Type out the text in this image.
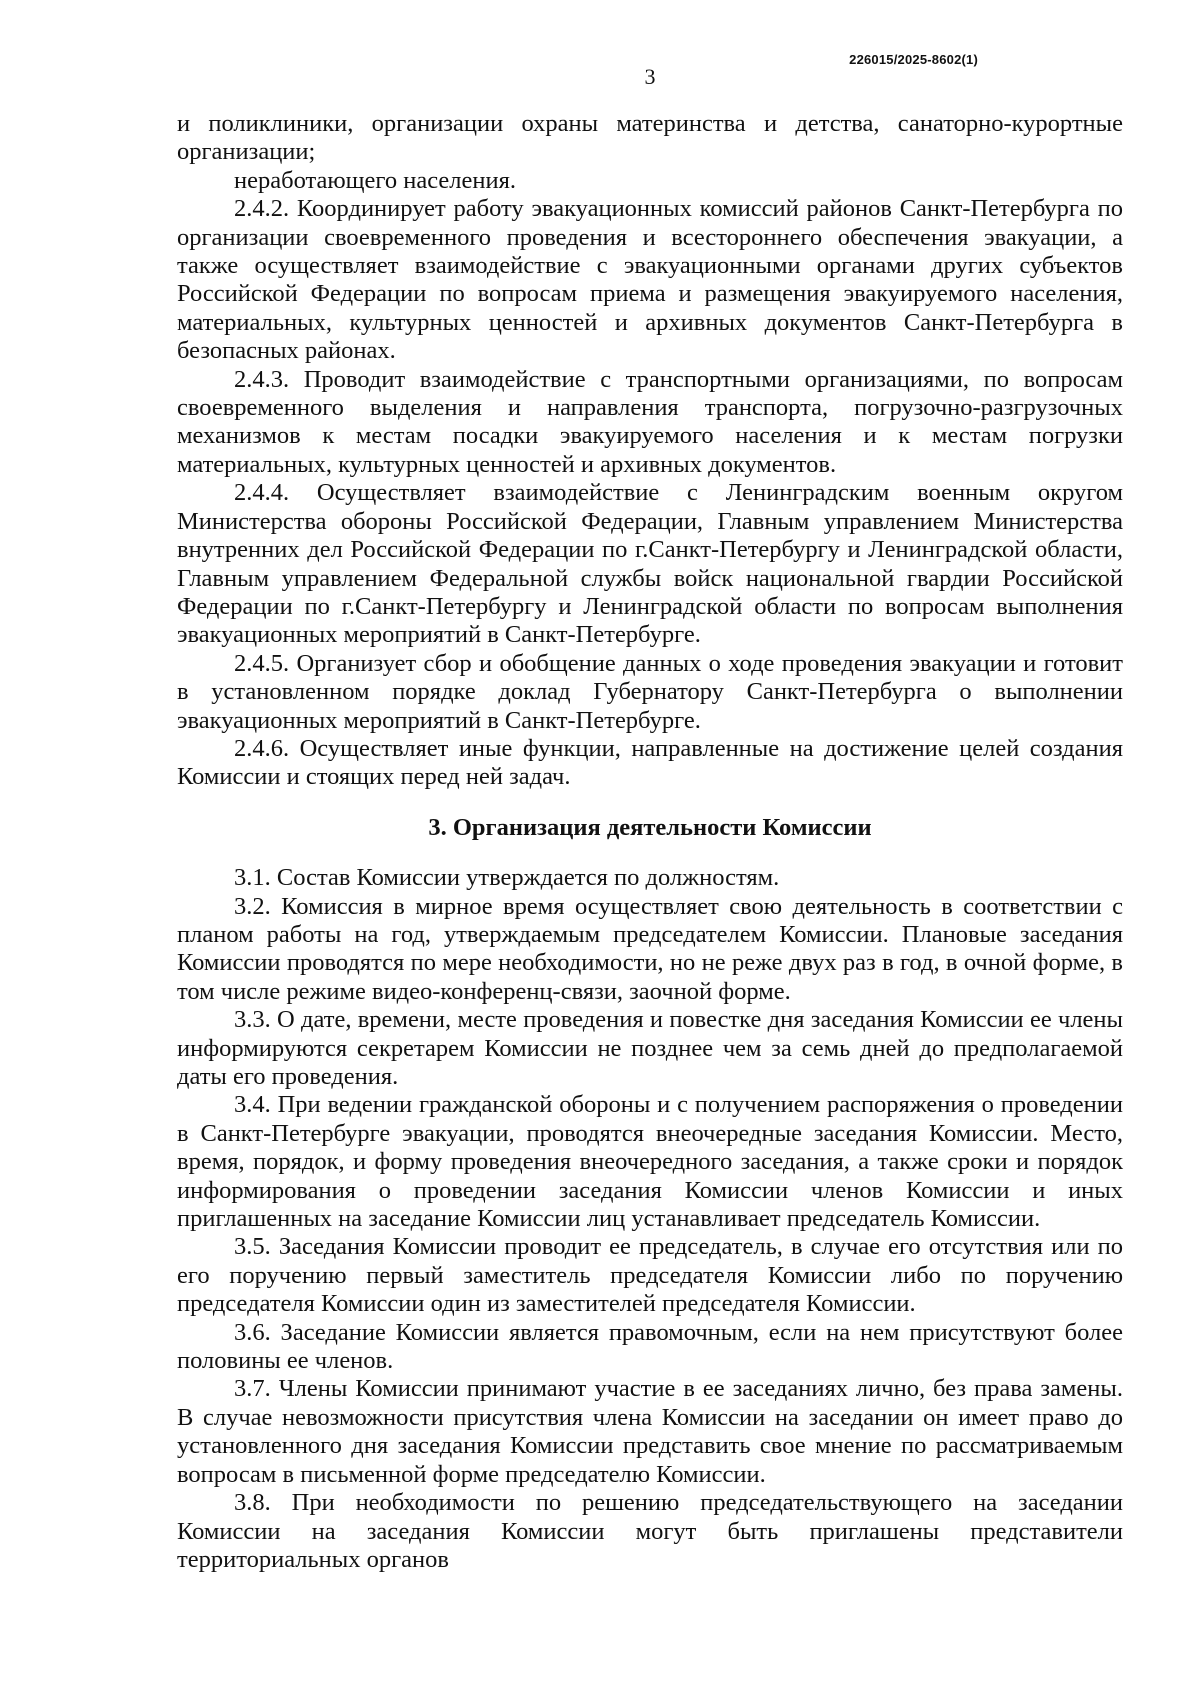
226015/2025-8602(1)
3

и поликлиники, организации охраны материнства и детства, санаторно-курортные организации;

неработающего населения.

2.4.2. Координирует работу эвакуационных комиссий районов Санкт-Петербурга по организации своевременного проведения и всестороннего обеспечения эвакуации, а также осуществляет взаимодействие с эвакуационными органами других субъектов Российской Федерации по вопросам приема и размещения эвакуируемого населения, материальных, культурных ценностей и архивных документов Санкт-Петербурга в безопасных районах.

2.4.3. Проводит взаимодействие с транспортными организациями, по вопросам своевременного выделения и направления транспорта, погрузочно-разгрузочных механизмов к местам посадки эвакуируемого населения и к местам погрузки материальных, культурных ценностей и архивных документов.

2.4.4. Осуществляет взаимодействие с Ленинградским военным округом Министерства обороны Российской Федерации, Главным управлением Министерства внутренних дел Российской Федерации по г.Санкт-Петербургу и Ленинградской области, Главным управлением Федеральной службы войск национальной гвардии Российской Федерации по г.Санкт-Петербургу и Ленинградской области по вопросам выполнения эвакуационных мероприятий в Санкт-Петербурге.

2.4.5. Организует сбор и обобщение данных о ходе проведения эвакуации и готовит в установленном порядке доклад Губернатору Санкт-Петербурга о выполнении эвакуационных мероприятий в Санкт-Петербурге.

2.4.6. Осуществляет иные функции, направленные на достижение целей создания Комиссии и стоящих перед ней задач.

3. Организация деятельности Комиссии

3.1. Состав Комиссии утверждается по должностям.

3.2. Комиссия в мирное время осуществляет свою деятельность в соответствии с планом работы на год, утверждаемым председателем Комиссии. Плановые заседания Комиссии проводятся по мере необходимости, но не реже двух раз в год, в очной форме, в том числе режиме видео-конференц-связи, заочной форме.

3.3. О дате, времени, месте проведения и повестке дня заседания Комиссии ее члены информируются секретарем Комиссии не позднее чем за семь дней до предполагаемой даты его проведения.

3.4. При ведении гражданской обороны и с получением распоряжения о проведении в Санкт-Петербурге эвакуации, проводятся внеочередные заседания Комиссии. Место, время, порядок, и форму проведения внеочередного заседания, а также сроки и порядок информирования о проведении заседания Комиссии членов Комиссии и иных приглашенных на заседание Комиссии лиц устанавливает председатель Комиссии.

3.5. Заседания Комиссии проводит ее председатель, в случае его отсутствия или по его поручению первый заместитель председателя Комиссии либо по поручению председателя Комиссии один из заместителей председателя Комиссии.

3.6. Заседание Комиссии является правомочным, если на нем присутствуют более половины ее членов.

3.7. Члены Комиссии принимают участие в ее заседаниях лично, без права замены. В случае невозможности присутствия члена Комиссии на заседании он имеет право до установленного дня заседания Комиссии представить свое мнение по рассматриваемым вопросам в письменной форме председателю Комиссии.

3.8. При необходимости по решению председательствующего на заседании Комиссии на заседания Комиссии могут быть приглашены представители территориальных органов
